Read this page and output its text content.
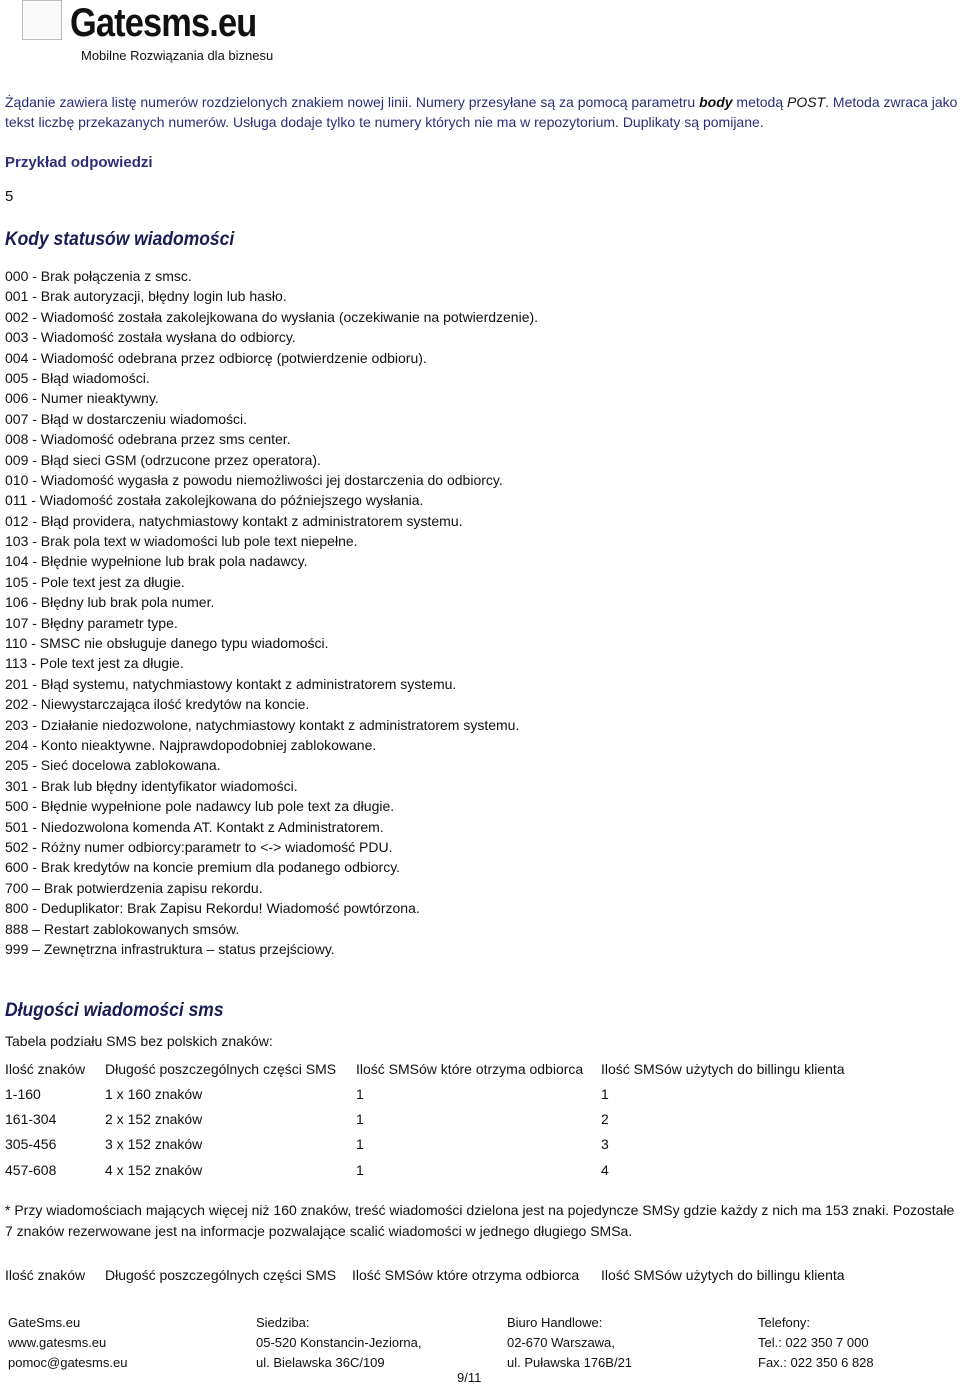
Gatesms.eu
Mobilne Rozwiązania dla biznesu
Żądanie zawiera listę numerów rozdzielonych znakiem nowej linii. Numery przesyłane są za pomocą parametru body metodą POST. Metoda zwraca jako tekst liczbę przekazanych numerów. Usługa dodaje tylko te numery których nie ma w repozytorium. Duplikaty są pomijane.
Przykład odpowiedzi
5
Kody statusów wiadomości
000 - Brak połączenia z smsc.
001 - Brak autoryzacji, błędny login lub hasło.
002 - Wiadomość została zakolejkowana do wysłania (oczekiwanie na potwierdzenie).
003 - Wiadomość została wysłana do odbiorcy.
004 - Wiadomość odebrana przez odbiorcę (potwierdzenie odbioru).
005 - Błąd wiadomości.
006 - Numer nieaktywny.
007 - Błąd w dostarczeniu wiadomości.
008 - Wiadomość odebrana przez sms center.
009 - Błąd sieci GSM (odrzucone przez operatora).
010 - Wiadomość wygasła z powodu niemożliwości jej dostarczenia do odbiorcy.
011 - Wiadomość została zakolejkowana do późniejszego wysłania.
012 - Błąd providera, natychmiastowy kontakt z administratorem systemu.
103 - Brak pola text w wiadomości lub pole text niepełne.
104 - Błędnie wypełnione lub brak pola nadawcy.
105 - Pole text jest za długie.
106 - Błędny lub brak pola numer.
107 - Błędny parametr type.
110 - SMSC nie obsługuje danego typu wiadomości.
113 - Pole text jest za długie.
201 - Błąd systemu, natychmiastowy kontakt z administratorem systemu.
202 - Niewystarczająca ilość kredytów na koncie.
203 - Działanie niedozwolone, natychmiastowy kontakt z administratorem systemu.
204 - Konto nieaktywne. Najprawdopodobniej zablokowane.
205 - Sieć docelowa zablokowana.
301 - Brak lub błędny identyfikator wiadomości.
500 - Błędnie wypełnione pole nadawcy lub pole text za długie.
501 - Niedozwolona komenda AT. Kontakt z Administratorem.
502 - Różny numer odbiorcy:parametr to <-> wiadomość PDU.
600 - Brak kredytów na koncie premium dla podanego odbiorcy.
700 – Brak potwierdzenia zapisu rekordu.
800 - Deduplikator: Brak Zapisu Rekordu! Wiadomość powtórzona.
888 – Restart zablokowanych smsów.
999 – Zewnętrzna infrastruktura – status przejściowy.
Długości wiadomości sms
Tabela podziału SMS bez polskich znaków:
Ilość znaków	Długość poszczególnych części SMS	Ilość SMSów które otrzyma odbiorca	Ilość SMSów użytych do billingu klienta
1-160	1 x 160 znaków	1	1
161-304	2 x 152 znaków	1	2
305-456	3 x 152 znaków	1	3
457-608	4 x 152 znaków	1	4
* Przy wiadomościach mających więcej niż 160 znaków, treść wiadomości dzielona jest na pojedyncze SMSy gdzie każdy z nich ma 153 znaki. Pozostałe 7 znaków rezerwowane jest na informacje pozwalające scalić wiadomości w jednego długiego SMSa.
Ilość znaków	Długość poszczególnych części SMS	Ilość SMSów które otrzyma odbiorca	Ilość SMSów użytych do billingu klienta
GateSms.eu
www.gatesms.eu
pomoc@gatesms.eu
Siedziba:
05-520 Konstancin-Jeziorna,
ul. Bielawska 36C/109
Biuro Handlowe:
02-670 Warszawa,
ul. Puławska 176B/21
Telefony:
Tel.: 022 350 7 000
Fax.: 022 350 6 828
9/11
